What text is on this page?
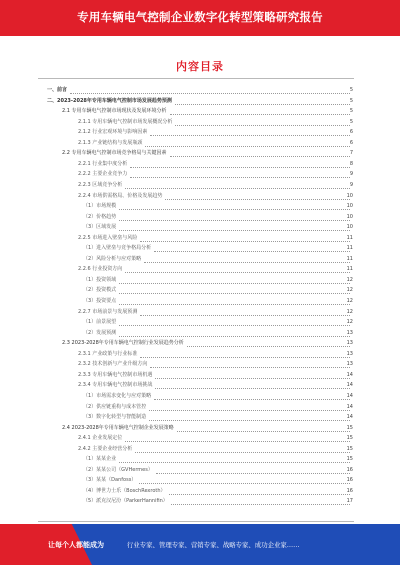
专用车辆电气控制企业数字化转型策略研究报告
内容目录
一、前言	5
二、2023-2028年专用车辆电气控制市场发展趋势预测	5
2.1 专用车辆电气控制市场现状及发展环境分析	5
2.1.1 专用车辆电气控制市场发展概况分析	5
2.1.2 行业宏观环境与影响因素	6
2.1.3 产业链结构与发展瓶颈	6
2.2 专用车辆电气控制市场竞争格局与关键因素	7
2.2.1 行业集中度分析	8
2.2.2 主要企业竞争力	9
2.2.3 区域竞争分析	9
2.2.4 市场供需格局、价格及发展趋势	10
（1）市场规模	10
（2）价格趋势	10
（3）区域发展	10
2.2.5 市场进入壁垒与风险	11
（1）进入壁垒与竞争格局分析	11
（2）风险分析与应对策略	11
2.2.6 行业投资方向	11
（1）投资领域	12
（2）投资模式	12
（3）投资要点	12
2.2.7 市场前景与发展预测	12
（1）前景展望	12
（2）发展预测	13
2.3 2023-2028年专用车辆电气控制行业发展趋势分析	13
2.3.1 产业政策与行业标准	13
2.3.2 技术创新与产业升级方向	13
2.3.3 专用车辆电气控制市场机遇	14
2.3.4 专用车辆电气控制市场挑战	14
（1）市场需求变化与应对策略	14
（2）供应链重构与成本管控	14
（3）数字化转型与智能制造	14
2.4 2023-2028年专用车辆电气控制企业发展策略	15
2.4.1 企业发展定位	15
2.4.2 主要企业经营分析	15
（1）某某企业	15
（2）某某公司（GVHermes）	16
（3）某某（Danfoss）	16
（4）博世力士乐（BoschRexroth）	16
（5）派克汉尼汾（ParkerHannifin）	17
让每个人都能成为	行业专家、管理专家、营销专家、战略专家、成功企业家……
